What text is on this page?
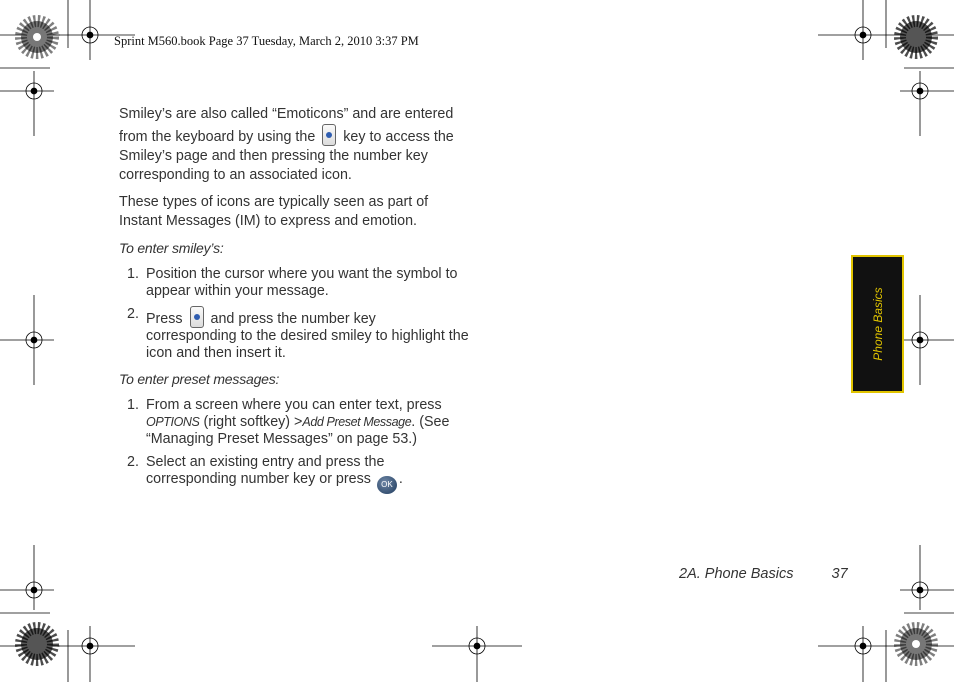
Sprint M560.book Page 37 Tuesday, March 2, 2010 3:37 PM

Smiley’s are also called “Emoticons” and are entered from the keyboard by using the key to access the Smiley’s page and then pressing the number key corresponding to an associated icon.

These types of icons are typically seen as part of Instant Messages (IM) to express and emotion.

To enter smiley’s:

1. Position the cursor where you want the symbol to appear within your message.
2. Press and press the number key corresponding to the desired smiley to highlight the icon and then insert it.

To enter preset messages:

1. From a screen where you can enter text, press OPTIONS (right softkey) >Add Preset Message. (See “Managing Preset Messages” on page 53.)
2. Select an existing entry and press the corresponding number key or press OK .
Phone Basics
2A. Phone Basics	37
